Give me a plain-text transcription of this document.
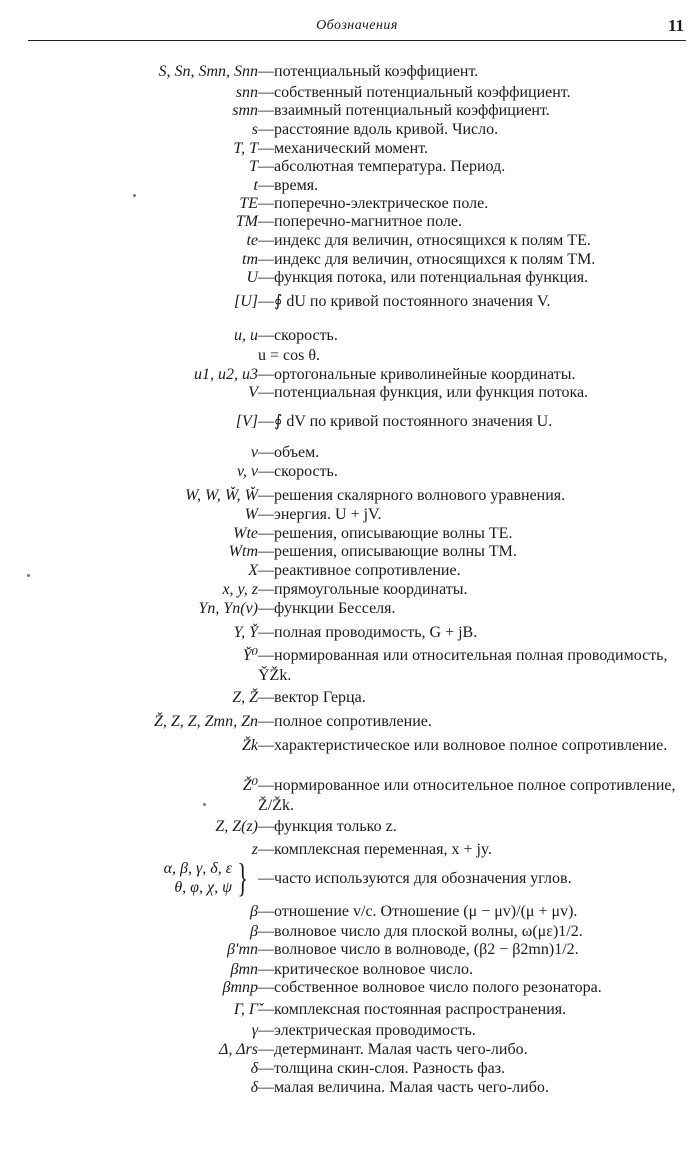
Обозначения	11
S, Sn, Smn, Snn —потенциальный коэффициент.
snn —собственный потенциальный коэффициент.
smn —взаимный потенциальный коэффициент.
s —расстояние вдоль кривой. Число.
T, T —механический момент.
T —абсолютная температура. Период.
t —время.
TE —поперечно-электрическое поле.
TM —поперечно-магнитное поле.
te —индекс для величин, относящихся к полям TE.
tm —индекс для величин, относящихся к полям TM.
U —функция потока, или потенциальная функция.
[U] —∮ dU по кривой постоянного значения V.
u, u —скорость.
u = cos θ.
u1, u2, u3 —ортогональные криволинейные координаты.
V —потенциальная функция, или функция потока.
[V] —∮ dV по кривой постоянного значения U.
v —объем.
v, v —скорость.
W, W, W̌, W̌ —решения скалярного волнового уравнения.
W —энергия. U + jV.
Wte —решения, описывающие волны TE.
Wtm —решения, описывающие волны TM.
X —реактивное сопротивление.
x, y, z —прямоугольные координаты.
Yn, Yn(v) —функции Бесселя.
Y, Y̌ —полная проводимость, G + jB.
Y̌⁰ —нормированная или относительная полная проводимость, Y̌Žk.
Z, Ž —вектор Герца.
Ž, Z, Z, Zmn, Zn —полное сопротивление.
Žk —характеристическое или волновое полное сопротивление.
Ž⁰ —нормированное или относительное полное сопротивление, Ž/Žk.
Z, Z(z) —функция только z.
z —комплексная переменная, x + jy.
β —отношение v/c. Отношение (μ − μv)/(μ + μv).
β —волновое число для плоской волны, ω(με)1/2.
β′mn —волновое число в волноводе, (β2 − β2mn)1/2.
βmn —критическое волновое число.
βmnp —собственное волновое число полого резонатора.
Γ, Γ̌ —комплексная постоянная распространения.
γ —электрическая проводимость.
Δ, Δrs —детерминант. Малая часть чего-либо.
δ —толщина скин-слоя. Разность фаз.
δ —малая величина. Малая часть чего-либо.
α, β, γ, δ, ε
θ, φ, χ, ψ } —часто используются для обозначения углов.
